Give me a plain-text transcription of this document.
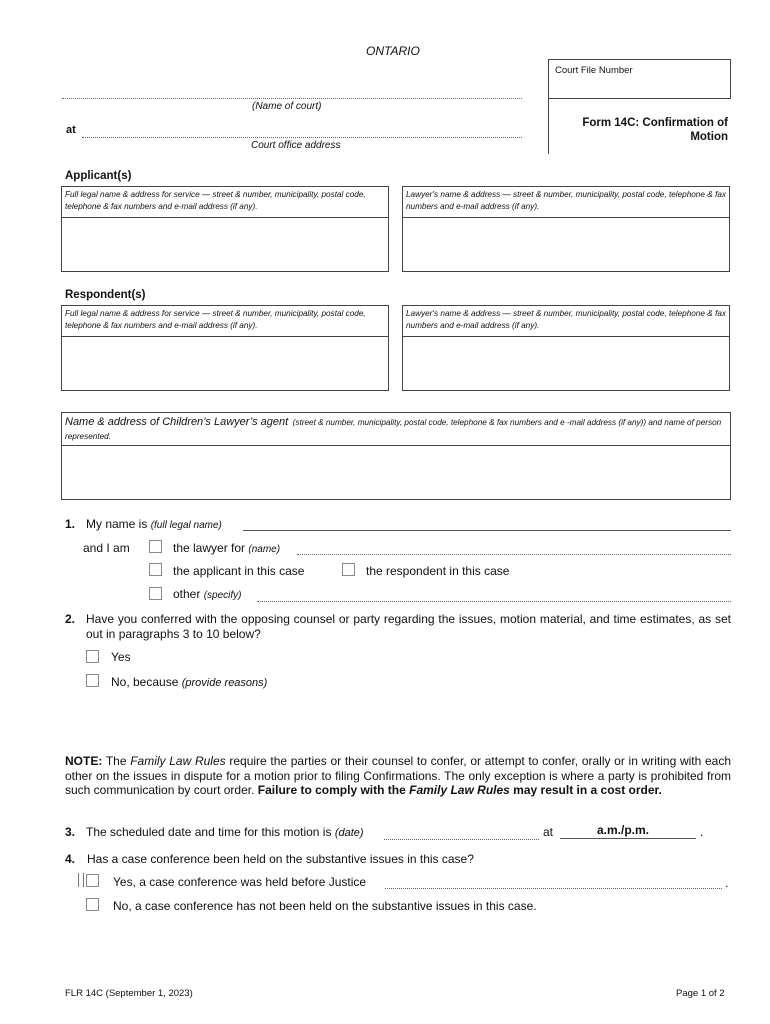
ONTARIO
Court File Number
(Name of court)
at
Court office address
Form 14C: Confirmation of
Motion
Applicant(s)
Full legal name & address for service — street & number, municipality, postal code, telephone & fax numbers and e-mail address (if any).
Lawyer's name & address — street & number, municipality, postal code, telephone & fax numbers and e-mail address (if any).
Respondent(s)
Full legal name & address for service — street & number, municipality, postal code, telephone & fax numbers and e-mail address (if any).
Lawyer's name & address — street & number, municipality, postal code, telephone & fax numbers and e-mail address (if any).
Name & address of Children’s Lawyer’s agent (street & number, municipality, postal code, telephone & fax numbers and e -mail address (if any)) and name of person represented.
1. My name is (full legal name)
and I am	the lawyer for (name)
the applicant in this case	the respondent in this case
other (specify)
2. Have you conferred with the opposing counsel or party regarding the issues, motion material, and time estimates, as set out in paragraphs 3 to 10 below?
Yes
No, because (provide reasons)
NOTE: The Family Law Rules require the parties or their counsel to confer, or attempt to confer, orally or in writing with each other on the issues in dispute for a motion prior to filing Confirmations. The only exception is where a party is prohibited from such communication by court order. Failure to comply with the Family Law Rules may result in a cost order.
3. The scheduled date and time for this motion is (date)	at	a.m./p.m.	.
4. Has a case conference been held on the substantive issues in this case?
Yes, a case conference was held before Justice	.
No, a case conference has not been held on the substantive issues in this case.
FLR 14C (September 1, 2023)	Page 1 of 2
